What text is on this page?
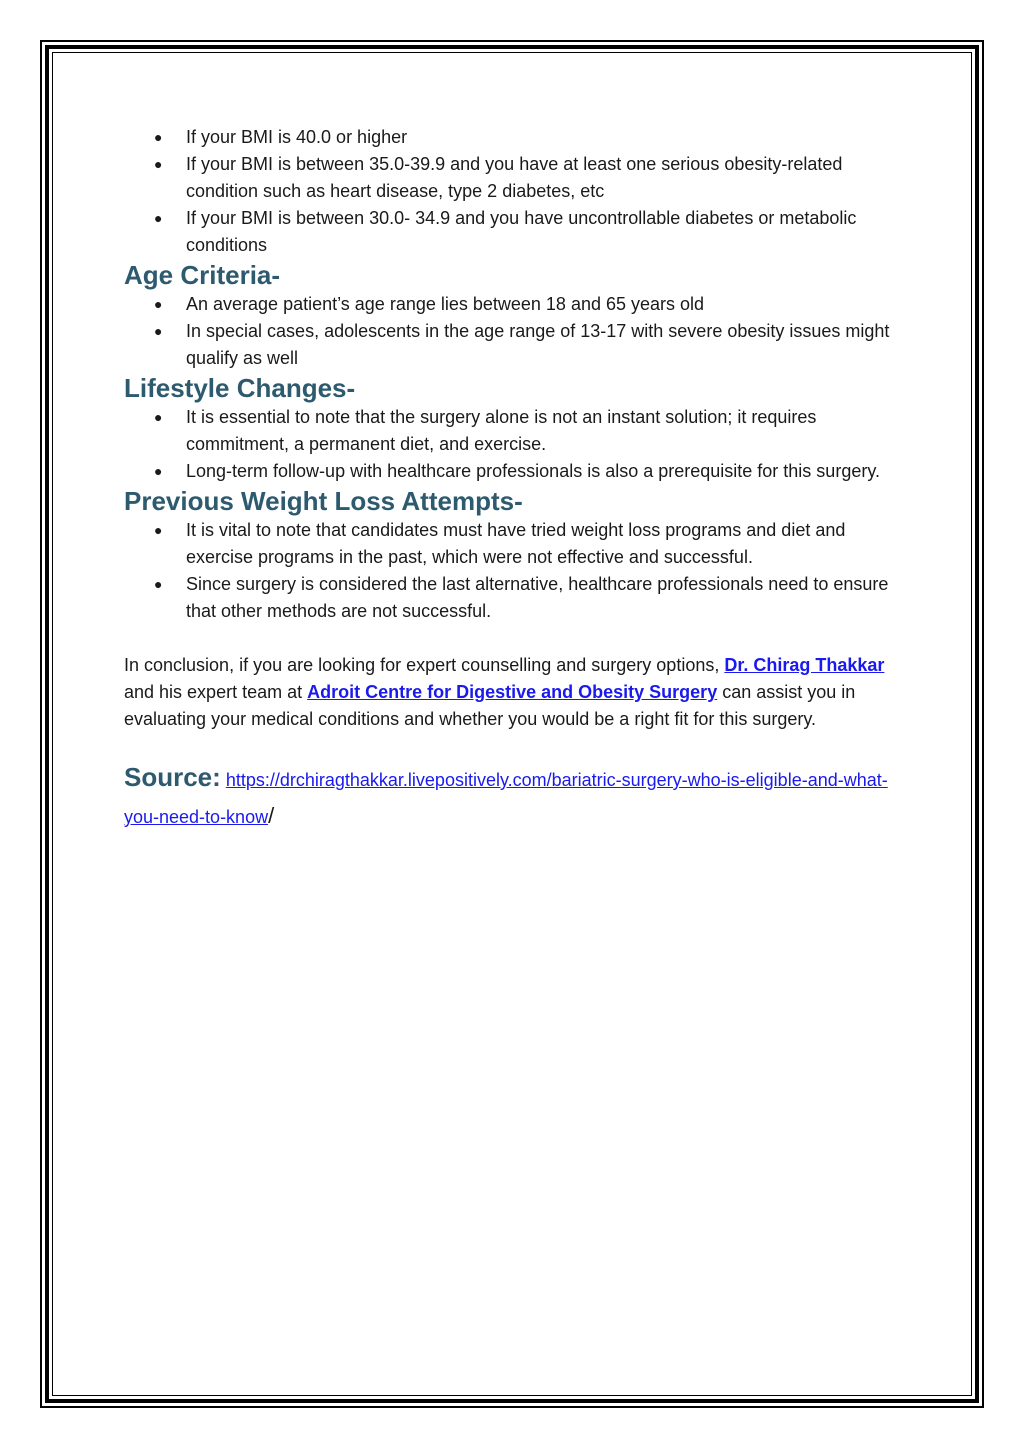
● If your BMI is 40.0 or higher
● If your BMI is between 35.0-39.9 and you have at least one serious obesity-related condition such as heart disease, type 2 diabetes, etc
● If your BMI is between 30.0- 34.9 and you have uncontrollable diabetes or metabolic conditions
Age Criteria-
● An average patient’s age range lies between 18 and 65 years old
● In special cases, adolescents in the age range of 13-17 with severe obesity issues might qualify as well
Lifestyle Changes-
● It is essential to note that the surgery alone is not an instant solution; it requires commitment, a permanent diet, and exercise.
● Long-term follow-up with healthcare professionals is also a prerequisite for this surgery.
Previous Weight Loss Attempts-
● It is vital to note that candidates must have tried weight loss programs and diet and exercise programs in the past, which were not effective and successful.
● Since surgery is considered the last alternative, healthcare professionals need to ensure that other methods are not successful.

In conclusion, if you are looking for expert counselling and surgery options, Dr. Chirag Thakkar and his expert team at Adroit Centre for Digestive and Obesity Surgery can assist you in evaluating your medical conditions and whether you would be a right fit for this surgery.

Source: https://drchiragthakkar.livepositively.com/bariatric-surgery-who-is-eligible-and-what-you-need-to-know/
